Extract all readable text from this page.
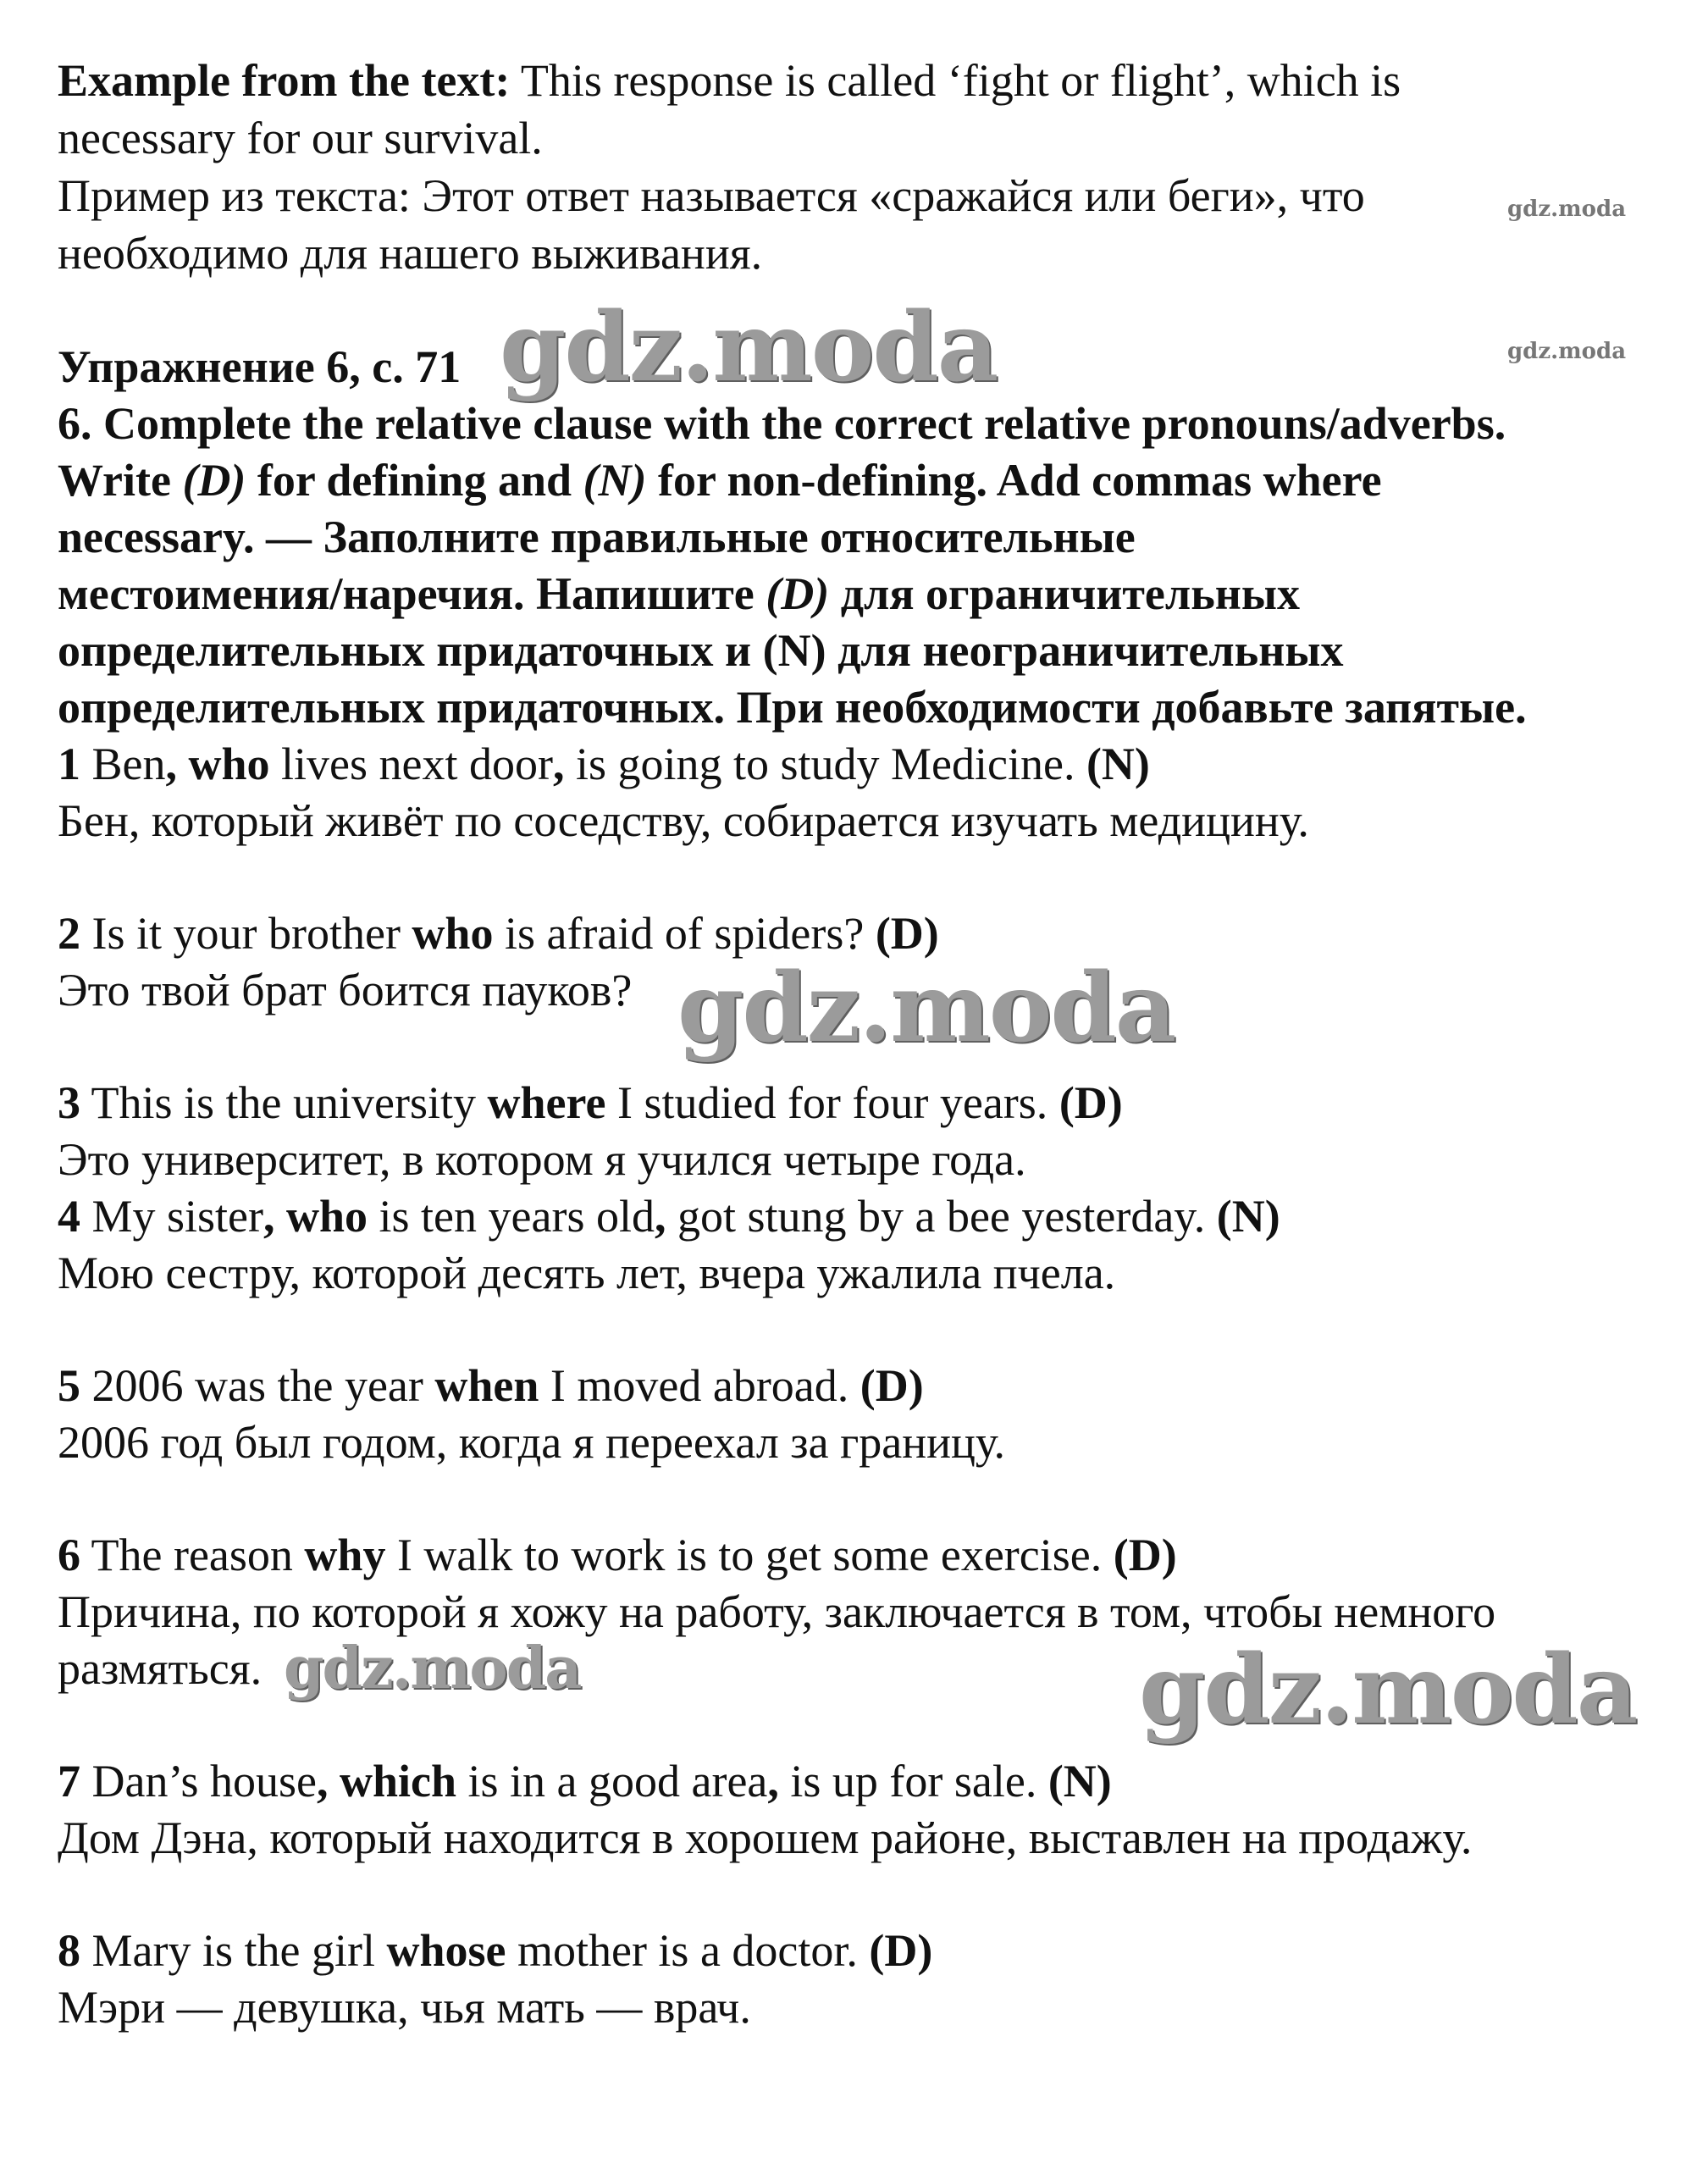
Example from the text: This response is called ‘fight or flight’, which is
necessary for our survival.
Пример из текста: Этот ответ называется «сражайся или беги», что
необходимо для нашего выживания.
gdz.moda
Упражнение 6, с. 71 gdz.moda	gdz.moda
6. Complete the relative clause with the correct relative pronouns/adverbs.
Write (D) for defining and (N) for non-defining. Add commas where
necessary. — Заполните правильные относительные
местоимения/наречия. Напишите (D) для ограничительных
определительных придаточных и (N) для неограничительных
определительных придаточных. При необходимости добавьте запятые.
1 Ben, who lives next door, is going to study Medicine. (N)
Бен, который живёт по соседству, собирается изучать медицину.
2 Is it your brother who is afraid of spiders? (D)
Это твой брат боится пауков? gdz.moda
3 This is the university where I studied for four years. (D)
Это университет, в котором я учился четыре года.
4 My sister, who is ten years old, got stung by a bee yesterday. (N)
Мою сестру, которой десять лет, вчера ужалила пчела.
5 2006 was the year when I moved abroad. (D)
2006 год был годом, когда я переехал за границу.
6 The reason why I walk to work is to get some exercise. (D)
Причина, по которой я хожу на работу, заключается в том, чтобы немного
размяться. gdz.moda	gdz.moda
7 Dan’s house, which is in a good area, is up for sale. (N)
Дом Дэна, который находится в хорошем районе, выставлен на продажу.
8 Mary is the girl whose mother is a doctor. (D)
Мэри — девушка, чья мать — врач.
